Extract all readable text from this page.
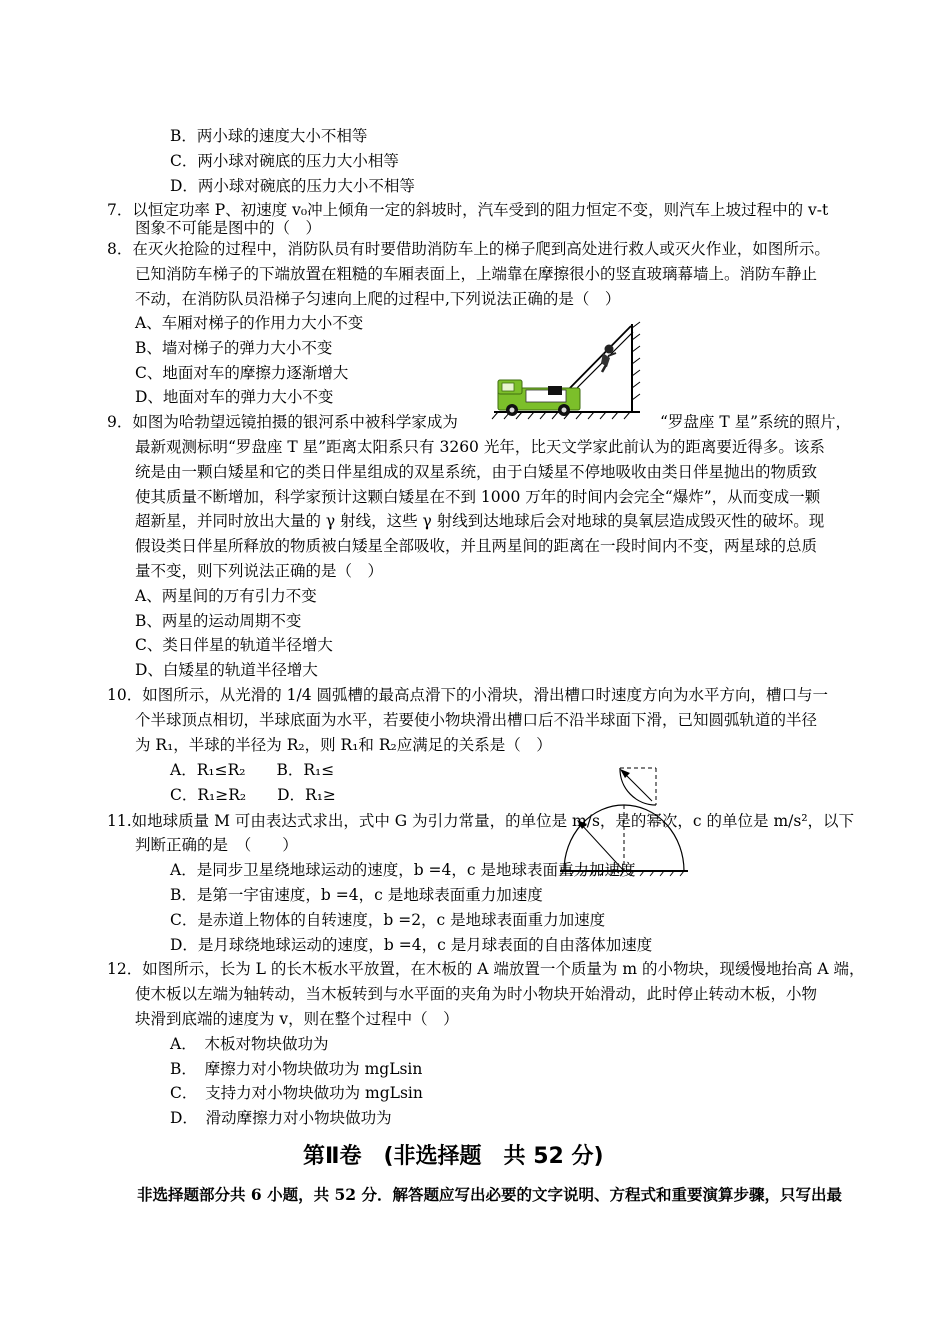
B．两小球的速度大小不相等
C．两小球对碗底的压力大小相等
D．两小球对碗底的压力大小不相等
7．以恒定功率 P、初速度 v₀冲上倾角一定的斜坡时，汽车受到的阻力恒定不变，则汽车上坡过程中的 v-t
图象不可能是图中的（　）
8．在灭火抢险的过程中，消防队员有时要借助消防车上的梯子爬到高处进行救人或灭火作业，如图所示。
已知消防车梯子的下端放置在粗糙的车厢表面上，上端靠在摩擦很小的竖直玻璃幕墙上。消防车静止
不动，在消防队员沿梯子匀速向上爬的过程中,下列说法正确的是（　）
A、车厢对梯子的作用力大小不变
B、墙对梯子的弹力大小不变
C、地面对车的摩擦力逐渐增大
D、地面对车的弹力大小不变
9．如图为哈勃望远镜拍摄的银河系中被科学家成为	“罗盘座 T 星”系统的照片，
最新观测标明“罗盘座 T 星”距离太阳系只有 3260 光年，比天文学家此前认为的距离要近得多。该系
统是由一颗白矮星和它的类日伴星组成的双星系统，由于白矮星不停地吸收由类日伴星抛出的物质致
使其质量不断增加，科学家预计这颗白矮星在不到 1000 万年的时间内会完全“爆炸”，从而变成一颗
超新星，并同时放出大量的 γ 射线，这些 γ 射线到达地球后会对地球的臭氧层造成毁灭性的破坏。现
假设类日伴星所释放的物质被白矮星全部吸收，并且两星间的距离在一段时间内不变，两星球的总质
量不变，则下列说法正确的是（　）
A、两星间的万有引力不变
B、两星的运动周期不变
C、类日伴星的轨道半径增大
D、白矮星的轨道半径增大
10．如图所示，从光滑的 1/4 圆弧槽的最高点滑下的小滑块，滑出槽口时速度方向为水平方向，槽口与一
个半球顶点相切，半球底面为水平，若要使小物块滑出槽口后不沿半球面下滑，已知圆弧轨道的半径
为 R₁，半球的半径为 R₂，则 R₁和 R₂应满足的关系是（　）
A．R₁≤R₂　　B．R₁≤
C．R₁≥R₂　　D．R₁≥
11.如地球质量 M 可由表达式求出，式中 G 为引力常量，的单位是 m/s，是的幂次，c 的单位是 m/s²，以下
判断正确的是　（　　）
A．是同步卫星绕地球运动的速度，b =4，c 是地球表面重力加速度
B．是第一宇宙速度，b =4，c 是地球表面重力加速度
C．是赤道上物体的自转速度，b =2，c 是地球表面重力加速度
D．是月球绕地球运动的速度，b =4，c 是月球表面的自由落体加速度
12．如图所示，长为 L 的长木板水平放置，在木板的 A 端放置一个质量为 m 的小物块，现缓慢地抬高 A 端，
使木板以左端为轴转动，当木板转到与水平面的夹角为时小物块开始滑动，此时停止转动木板，小物
块滑到底端的速度为 v，则在整个过程中（　）
A．　木板对物块做功为
B．　摩擦力对小物块做功为 mgLsin
C．　支持力对小物块做功为 mgLsin
D．　滑动摩擦力对小物块做功为
第Ⅱ卷　(非选择题　共 52 分)
非选择题部分共 6 小题，共 52 分．解答题应写出必要的文字说明、方程式和重要演算步骤，只写出最
